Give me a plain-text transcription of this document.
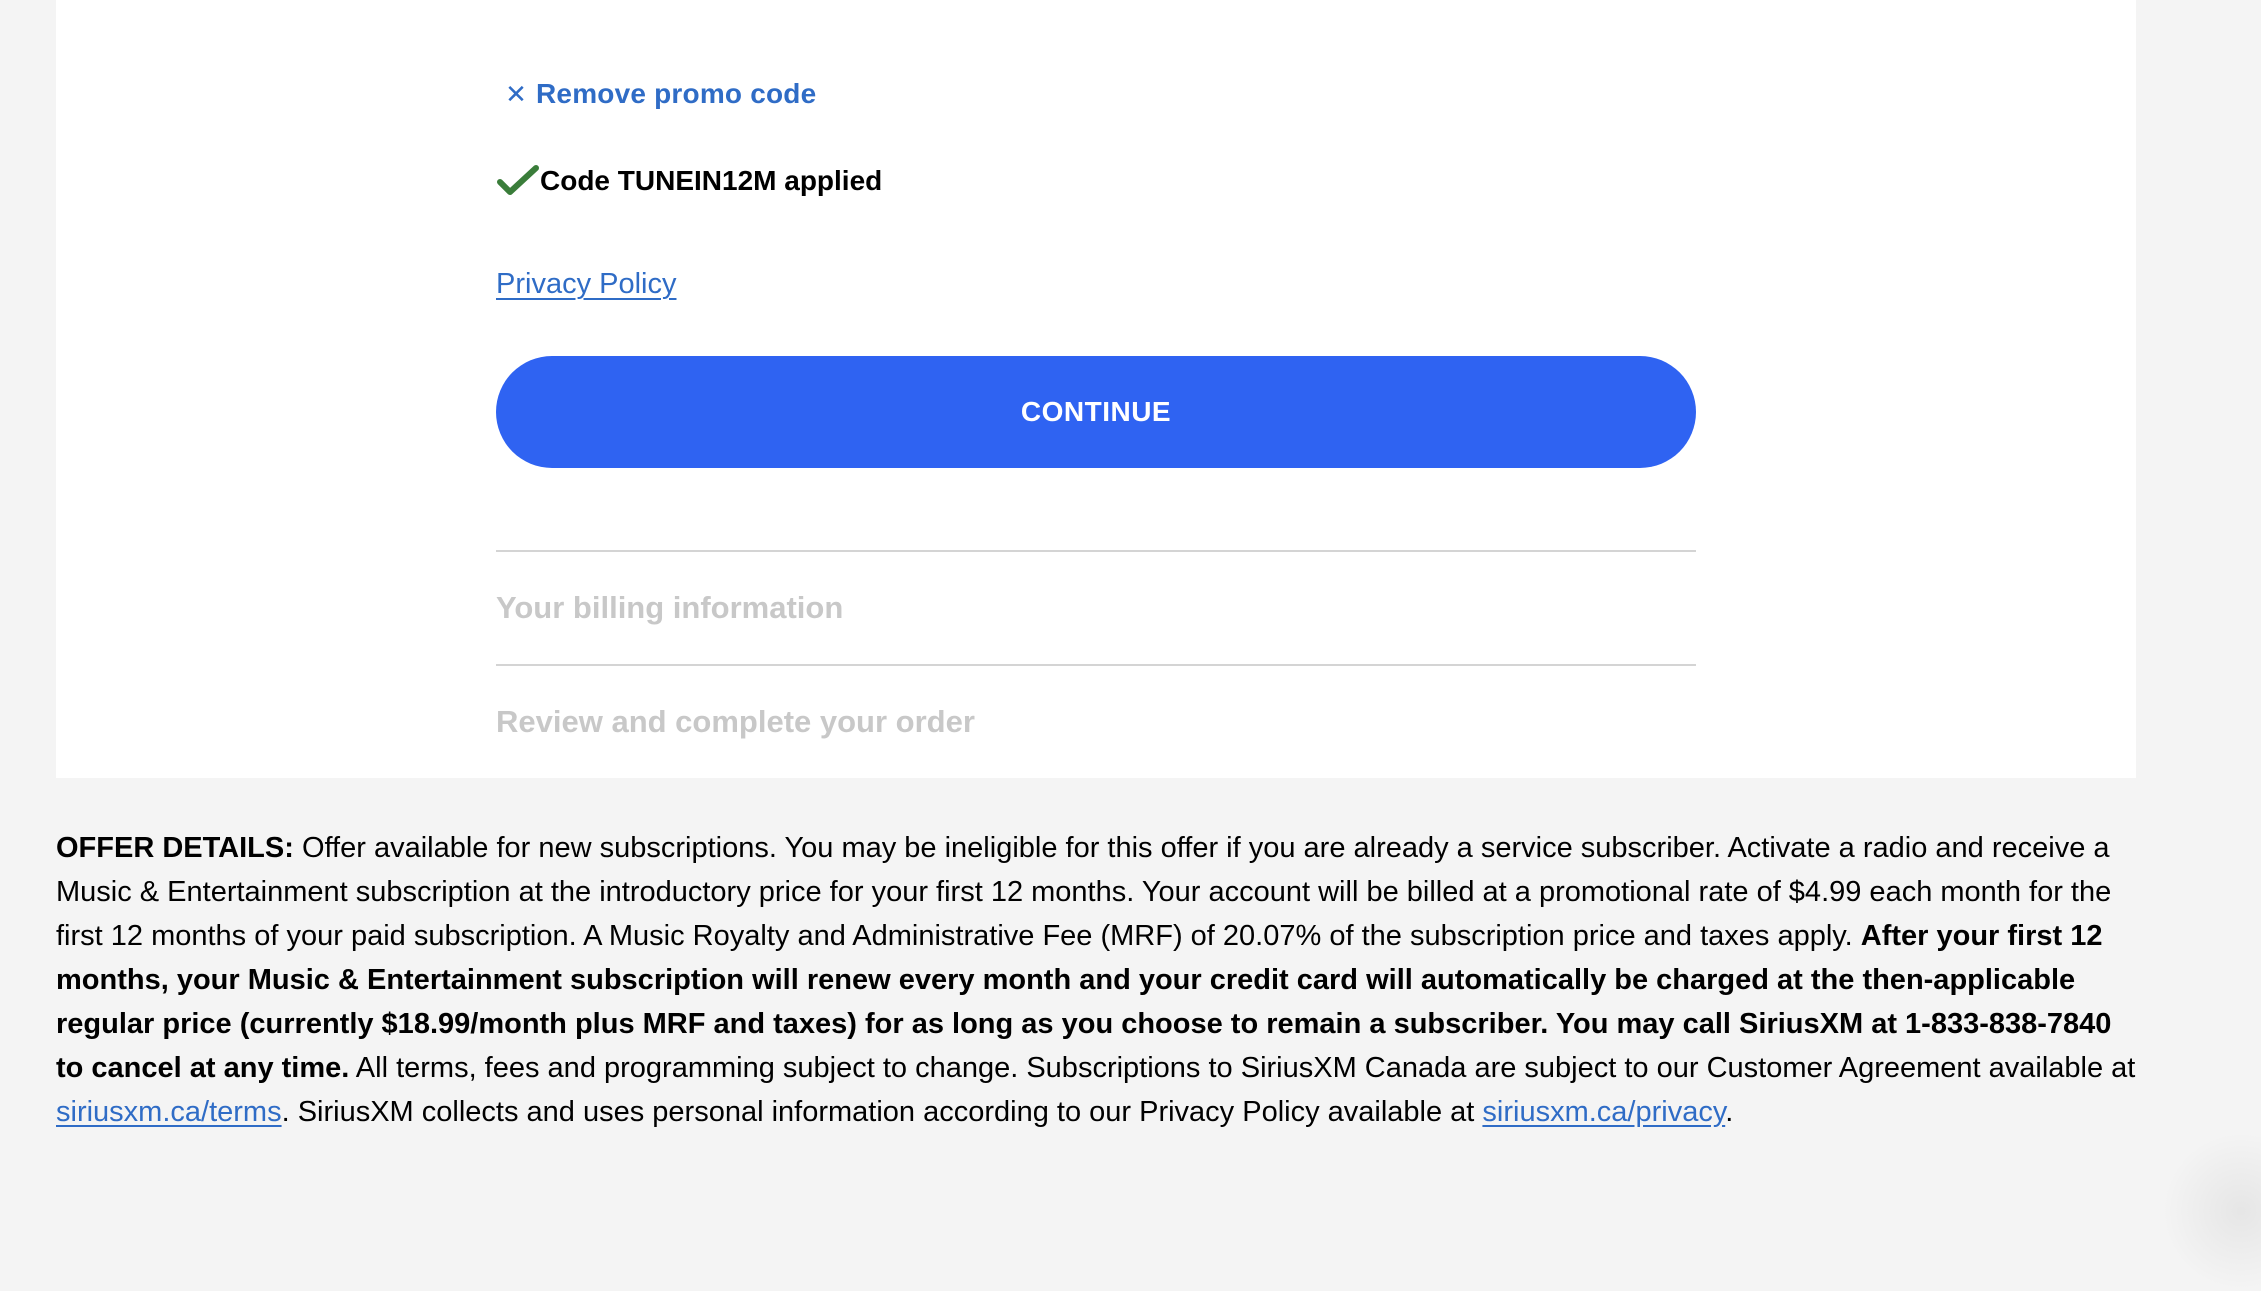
✕ Remove promo code
Code TUNEIN12M applied
Privacy Policy
CONTINUE
Your billing information
Review and complete your order
OFFER DETAILS: Offer available for new subscriptions. You may be ineligible for this offer if you are already a service subscriber. Activate a radio and receive a Music & Entertainment subscription at the introductory price for your first 12 months. Your account will be billed at a promotional rate of $4.99 each month for the first 12 months of your paid subscription. A Music Royalty and Administrative Fee (MRF) of 20.07% of the subscription price and taxes apply. After your first 12 months, your Music & Entertainment subscription will renew every month and your credit card will automatically be charged at the then-applicable regular price (currently $18.99/month plus MRF and taxes) for as long as you choose to remain a subscriber. You may call SiriusXM at 1-833-838-7840 to cancel at any time. All terms, fees and programming subject to change. Subscriptions to SiriusXM Canada are subject to our Customer Agreement available at siriusxm.ca/terms. SiriusXM collects and uses personal information according to our Privacy Policy available at siriusxm.ca/privacy.
